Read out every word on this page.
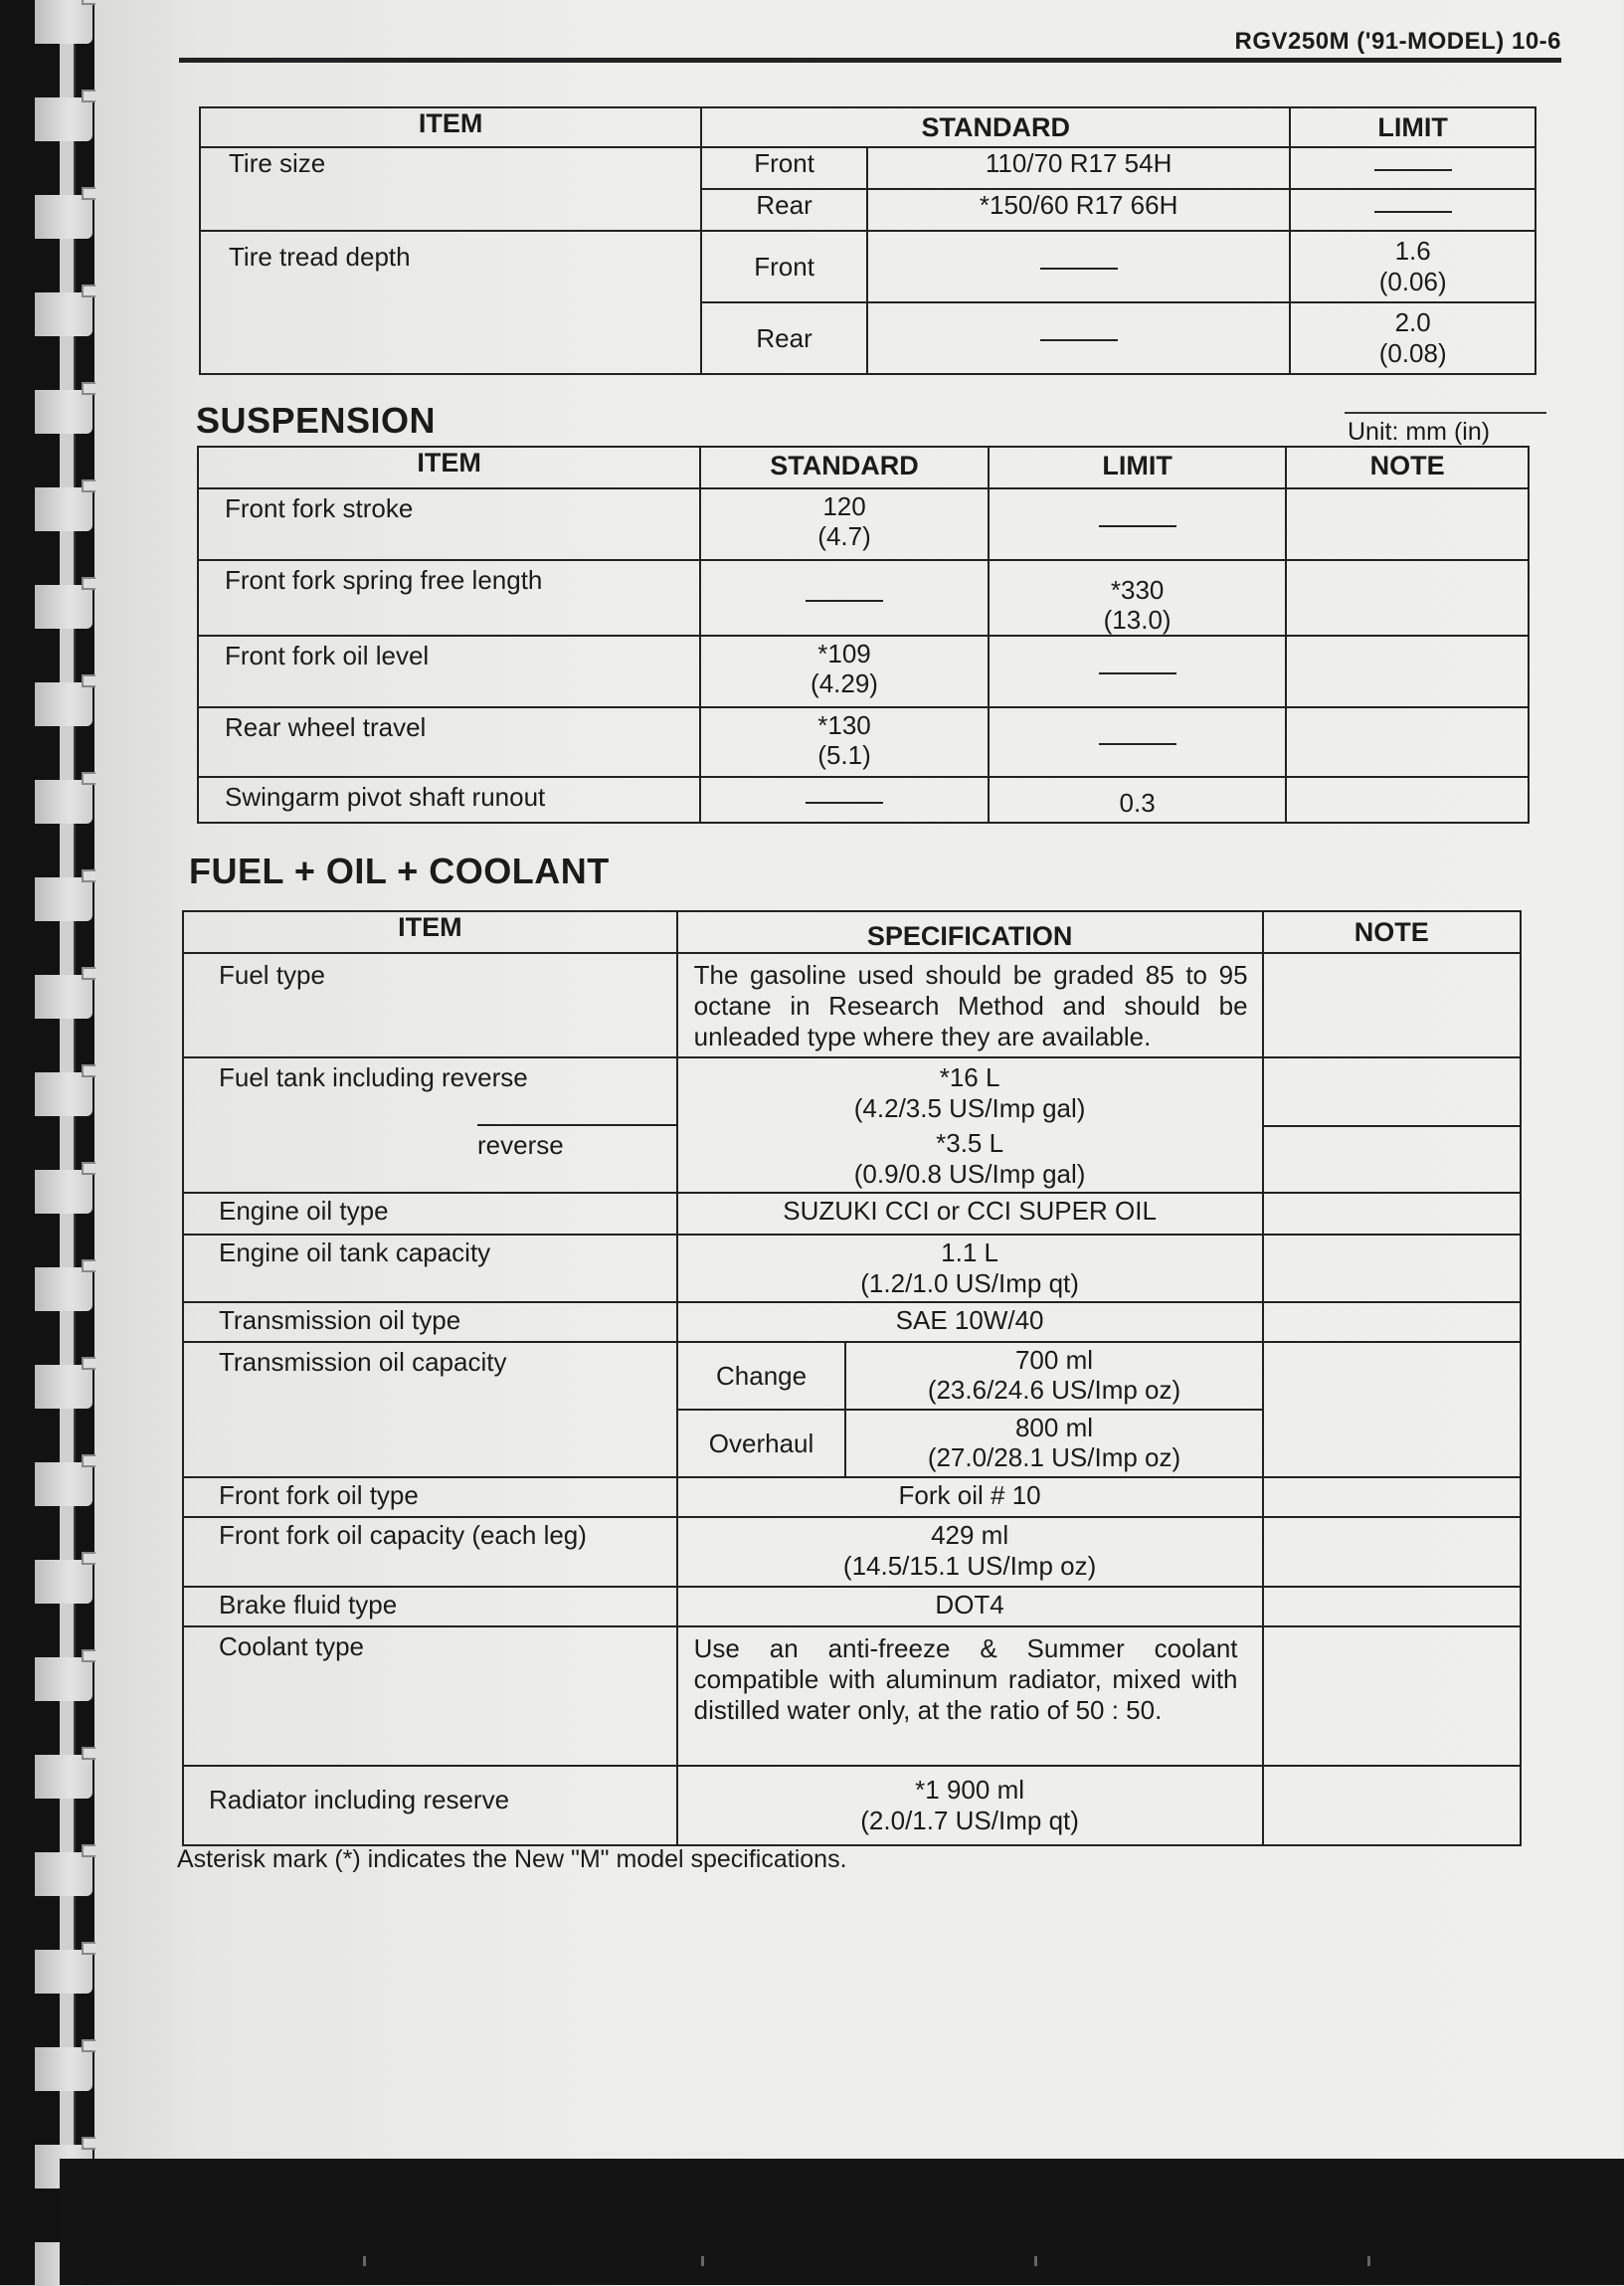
RGV250M ('91-MODEL) 10-6
ITEM	STANDARD		LIMIT
Tire size			
	Front	110/70 R17 54H	
	Rear	*150/60 R17 66H	
Tire tread depth	Front		1.6
(0.06)

	Rear		2.0
(0.08)
SUSPENSION	Unit: mm (in)
ITEM	STANDARD	LIMIT	NOTE
Front fork stroke	120
(4.7)		

Front fork spring free length		*330
(13.0)	

Front fork oil level	*109
(4.29)		

Rear wheel travel	*130
(5.1)		

Swingarm pivot shaft runout		0.3	

FUEL + OIL + COOLANT
ITEM	SPECIFICATION		NOTE
Fuel type	The gasoline used should be graded 85 to 95 octane in Research Method and should be unleaded type where they are available.		

Fuel tank including reverse	*16 L
(4.2/3.5 US/Imp gal)		

reverse	*3.5 L
(0.9/0.8 US/Imp gal)		

Engine oil type	SUZUKI CCI or CCI SUPER OIL		
Engine oil tank capacity	1.1 L
(1.2/1.0 US/Imp qt)		

Transmission oil type	SAE 10W/40		
Transmission oil capacity	Change	700 ml
(23.6/24.6 US/Imp oz)	

	Overhaul	800 ml
(27.0/28.1 US/Imp oz)	

Front fork oil type	Fork oil # 10		
Front fork oil capacity (each leg)	429 ml
(14.5/15.1 US/Imp oz)		

Brake fluid type	DOT4		
Coolant type	Use an anti-freeze & Summer coolant compatible with aluminum radiator, mixed with distilled water only, at the ratio of 50 : 50.		
Radiator including reserve	*1 900 ml
(2.0/1.7 US/Imp qt)		

Asterisk mark (*) indicates the New "M" model specifications.
